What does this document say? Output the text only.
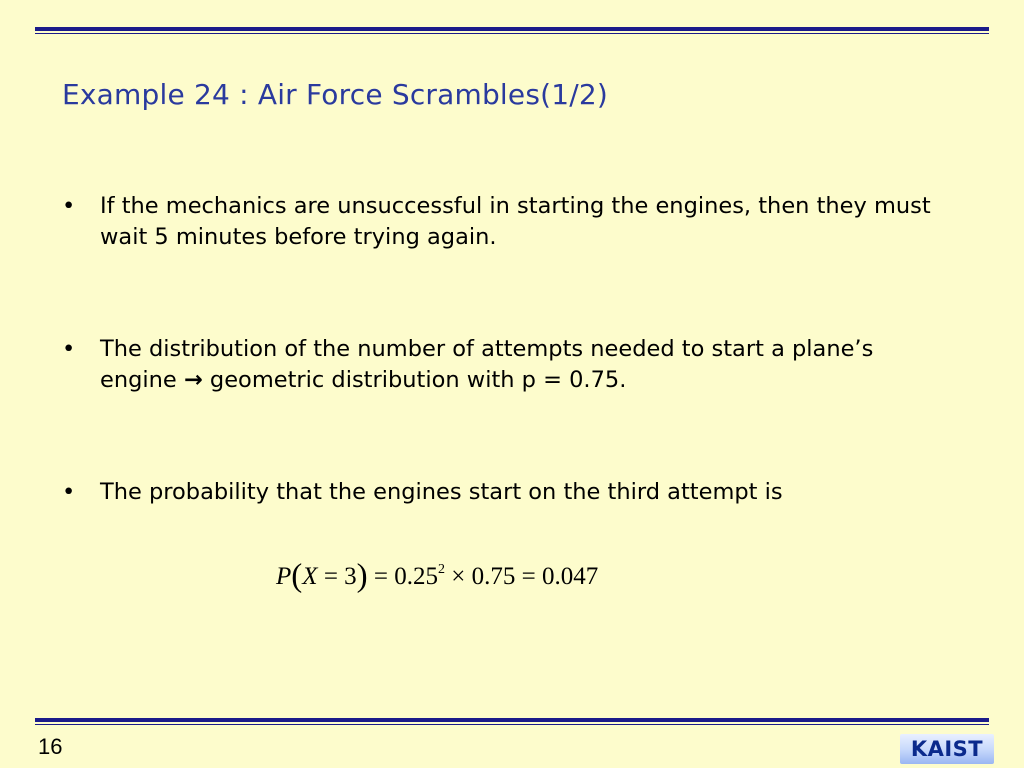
Example 24 : Air Force Scrambles(1/2)
• If the mechanics are unsuccessful in starting the engines, then they must wait 5 minutes before trying again.
• The distribution of the number of attempts needed to start a plane’s engine → geometric distribution with p = 0.75.
• The probability that the engines start on the third attempt is
$P(X = 3) = 0.25^2 \times 0.75 = 0.047$
16	KAIST
